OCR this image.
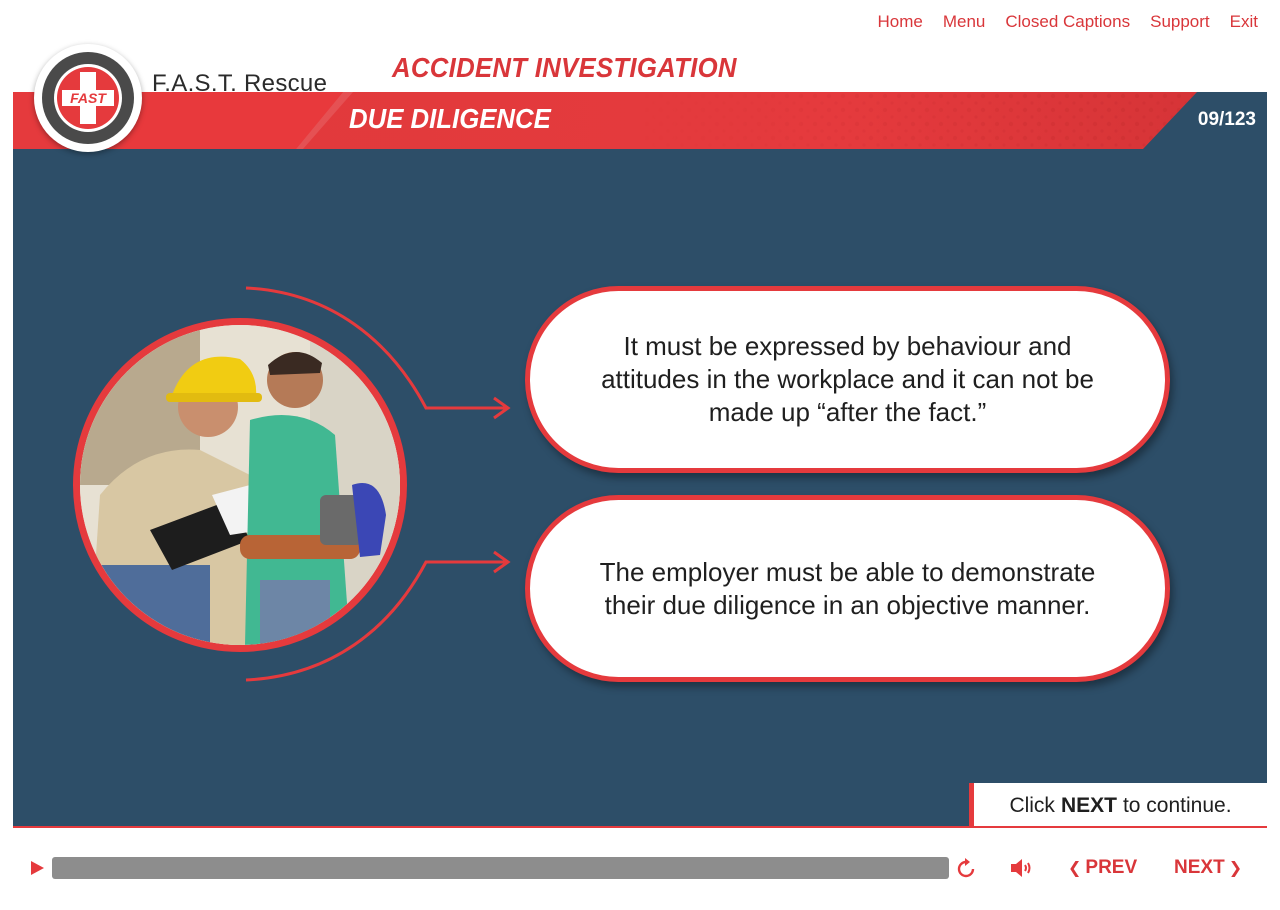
Home Menu Closed Captions Support Exit
FAST
F.A.S.T. Rescue
ACCIDENT INVESTIGATION
DUE DILIGENCE	09/123
It must be expressed by behaviour and attitudes in the workplace and it can not be made up “after the fact.”
The employer must be able to demonstrate their due diligence in an objective manner.
Click NEXT to continue.
❮ PREV NEXT ❯
